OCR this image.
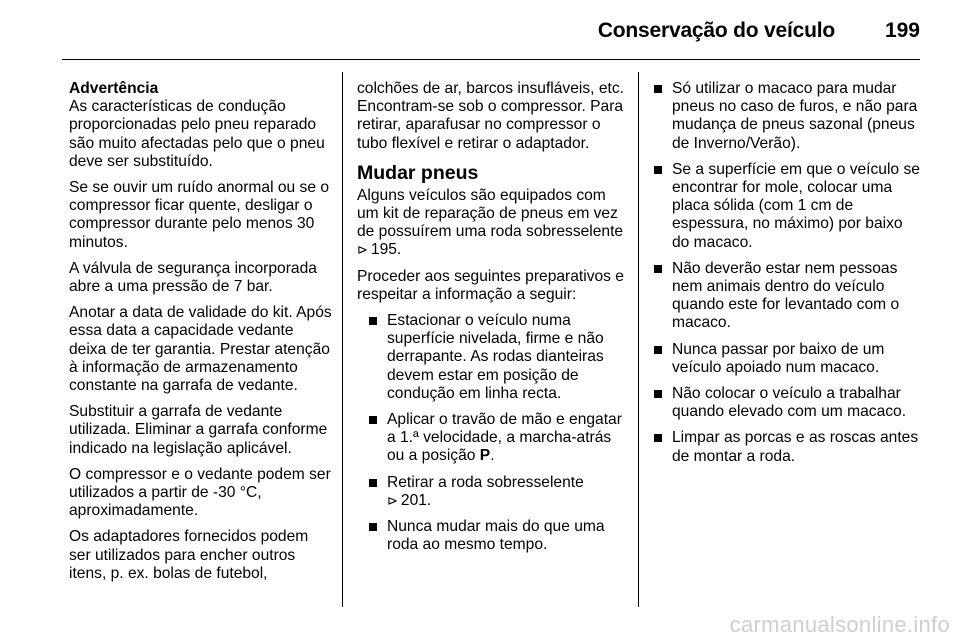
Conservação do veículo 199
Advertência
As características de condução proporcionadas pelo pneu reparado são muito afectadas pelo que o pneu deve ser substituído.

Se se ouvir um ruído anormal ou se o compressor ficar quente, desligar o compressor durante pelo menos 30 minutos.

A válvula de segurança incorporada abre a uma pressão de 7 bar.

Anotar a data de validade do kit. Após essa data a capacidade vedante deixa de ter garantia. Prestar atenção à informação de armazenamento constante na garrafa de vedante.

Substituir a garrafa de vedante utilizada. Eliminar a garrafa conforme indicado na legislação aplicável.

O compressor e o vedante podem ser utilizados a partir de -30 °C, aproximadamente.

Os adaptadores fornecidos podem ser utilizados para encher outros itens, p. ex. bolas de futebol,

colchões de ar, barcos insufláveis, etc. Encontram-se sob o compressor. Para retirar, aparafusar no compressor o tubo flexível e retirar o adaptador.

Mudar pneus

Alguns veículos são equipados com um kit de reparação de pneus em vez de possuírem uma roda sobresselente ⊳ 195.

Proceder aos seguintes preparativos e respeitar a informação a seguir:

Estacionar o veículo numa superfície nivelada, firme e não derrapante. As rodas dianteiras devem estar em posição de condução em linha recta.
Aplicar o travão de mão e engatar a 1.ª velocidade, a marcha-atrás ou a posição P.
Retirar a roda sobresselente
⊳ 201.
Nunca mudar mais do que uma roda ao mesmo tempo.
Só utilizar o macaco para mudar pneus no caso de furos, e não para mudança de pneus sazonal (pneus de Inverno/Verão).
Se a superfície em que o veículo se encontrar for mole, colocar uma placa sólida (com 1 cm de espessura, no máximo) por baixo do macaco.
Não deverão estar nem pessoas nem animais dentro do veículo quando este for levantado com o macaco.
Nunca passar por baixo de um veículo apoiado num macaco.
Não colocar o veículo a trabalhar quando elevado com um macaco.
Limpar as porcas e as roscas antes de montar a roda.
carmanualsonline.info
